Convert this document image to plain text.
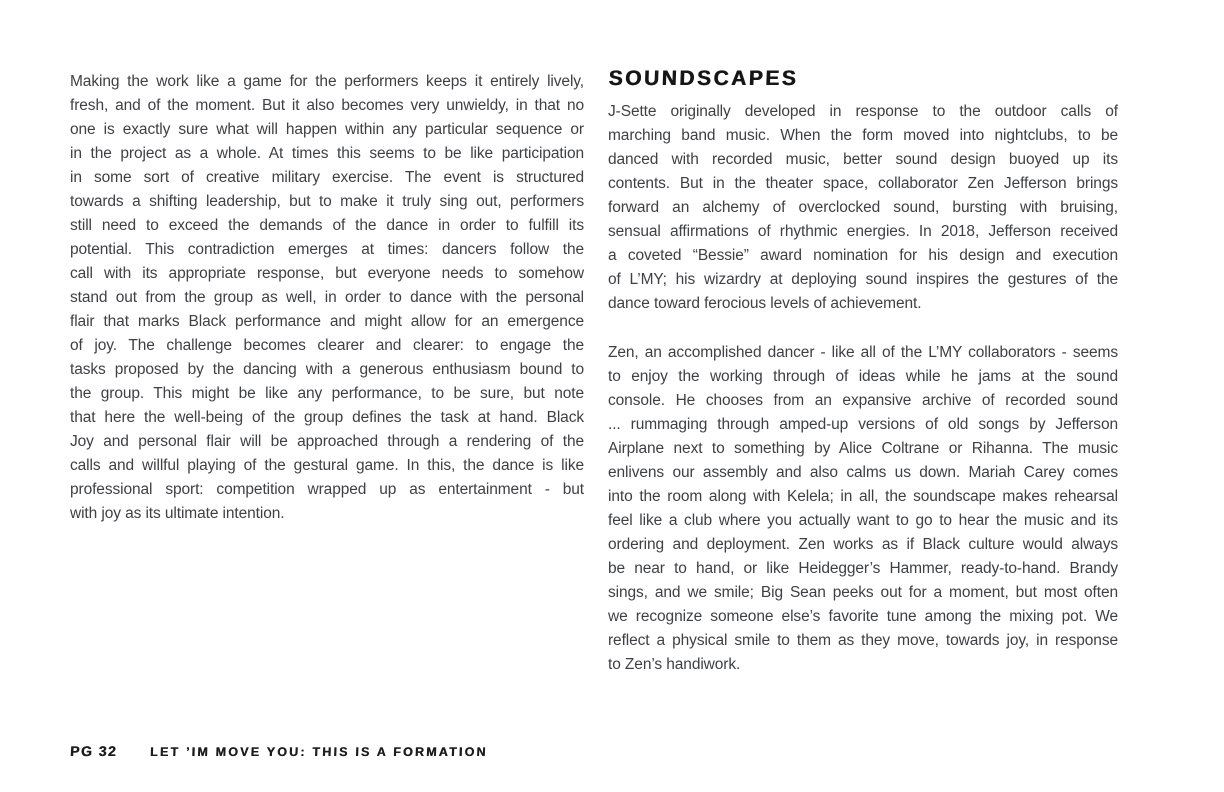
Making the work like a game for the performers keeps it entirely lively,
fresh, and of the moment. But it also becomes very unwieldy, in that no
one is exactly sure what will happen within any particular sequence or
in the project as a whole. At times this seems to be like participation
in some sort of creative military exercise. The event is structured
towards a shifting leadership, but to make it truly sing out, performers
still need to exceed the demands of the dance in order to fulfill its
potential. This contradiction emerges at times: dancers follow the
call with its appropriate response, but everyone needs to somehow
stand out from the group as well, in order to dance with the personal
flair that marks Black performance and might allow for an emergence
of joy. The challenge becomes clearer and clearer: to engage the
tasks proposed by the dancing with a generous enthusiasm bound to
the group. This might be like any performance, to be sure, but note
that here the well-being of the group defines the task at hand. Black
Joy and personal flair will be approached through a rendering of the
calls and willful playing of the gestural game. In this, the dance is like
professional sport: competition wrapped up as entertainment - but
with joy as its ultimate intention.
SOUNDSCAPES
J-Sette originally developed in response to the outdoor calls of
marching band music. When the form moved into nightclubs, to be
danced with recorded music, better sound design buoyed up its
contents. But in the theater space, collaborator Zen Jefferson brings
forward an alchemy of overclocked sound, bursting with bruising,
sensual affirmations of rhythmic energies. In 2018, Jefferson received
a coveted “Bessie” award nomination for his design and execution
of L’MY; his wizardry at deploying sound inspires the gestures of the
dance toward ferocious levels of achievement.
Zen, an accomplished dancer - like all of the L’MY collaborators - seems
to enjoy the working through of ideas while he jams at the sound
console. He chooses from an expansive archive of recorded sound
... rummaging through amped-up versions of old songs by Jefferson
Airplane next to something by Alice Coltrane or Rihanna. The music
enlivens our assembly and also calms us down. Mariah Carey comes
into the room along with Kelela; in all, the soundscape makes rehearsal
feel like a club where you actually want to go to hear the music and its
ordering and deployment. Zen works as if Black culture would always
be near to hand, or like Heidegger’s Hammer, ready-to-hand. Brandy
sings, and we smile; Big Sean peeks out for a moment, but most often
we recognize someone else’s favorite tune among the mixing pot. We
reflect a physical smile to them as they move, towards joy, in response
to Zen’s handiwork.
PG 32	LET ’IM MOVE YOU: THIS IS A FORMATION
